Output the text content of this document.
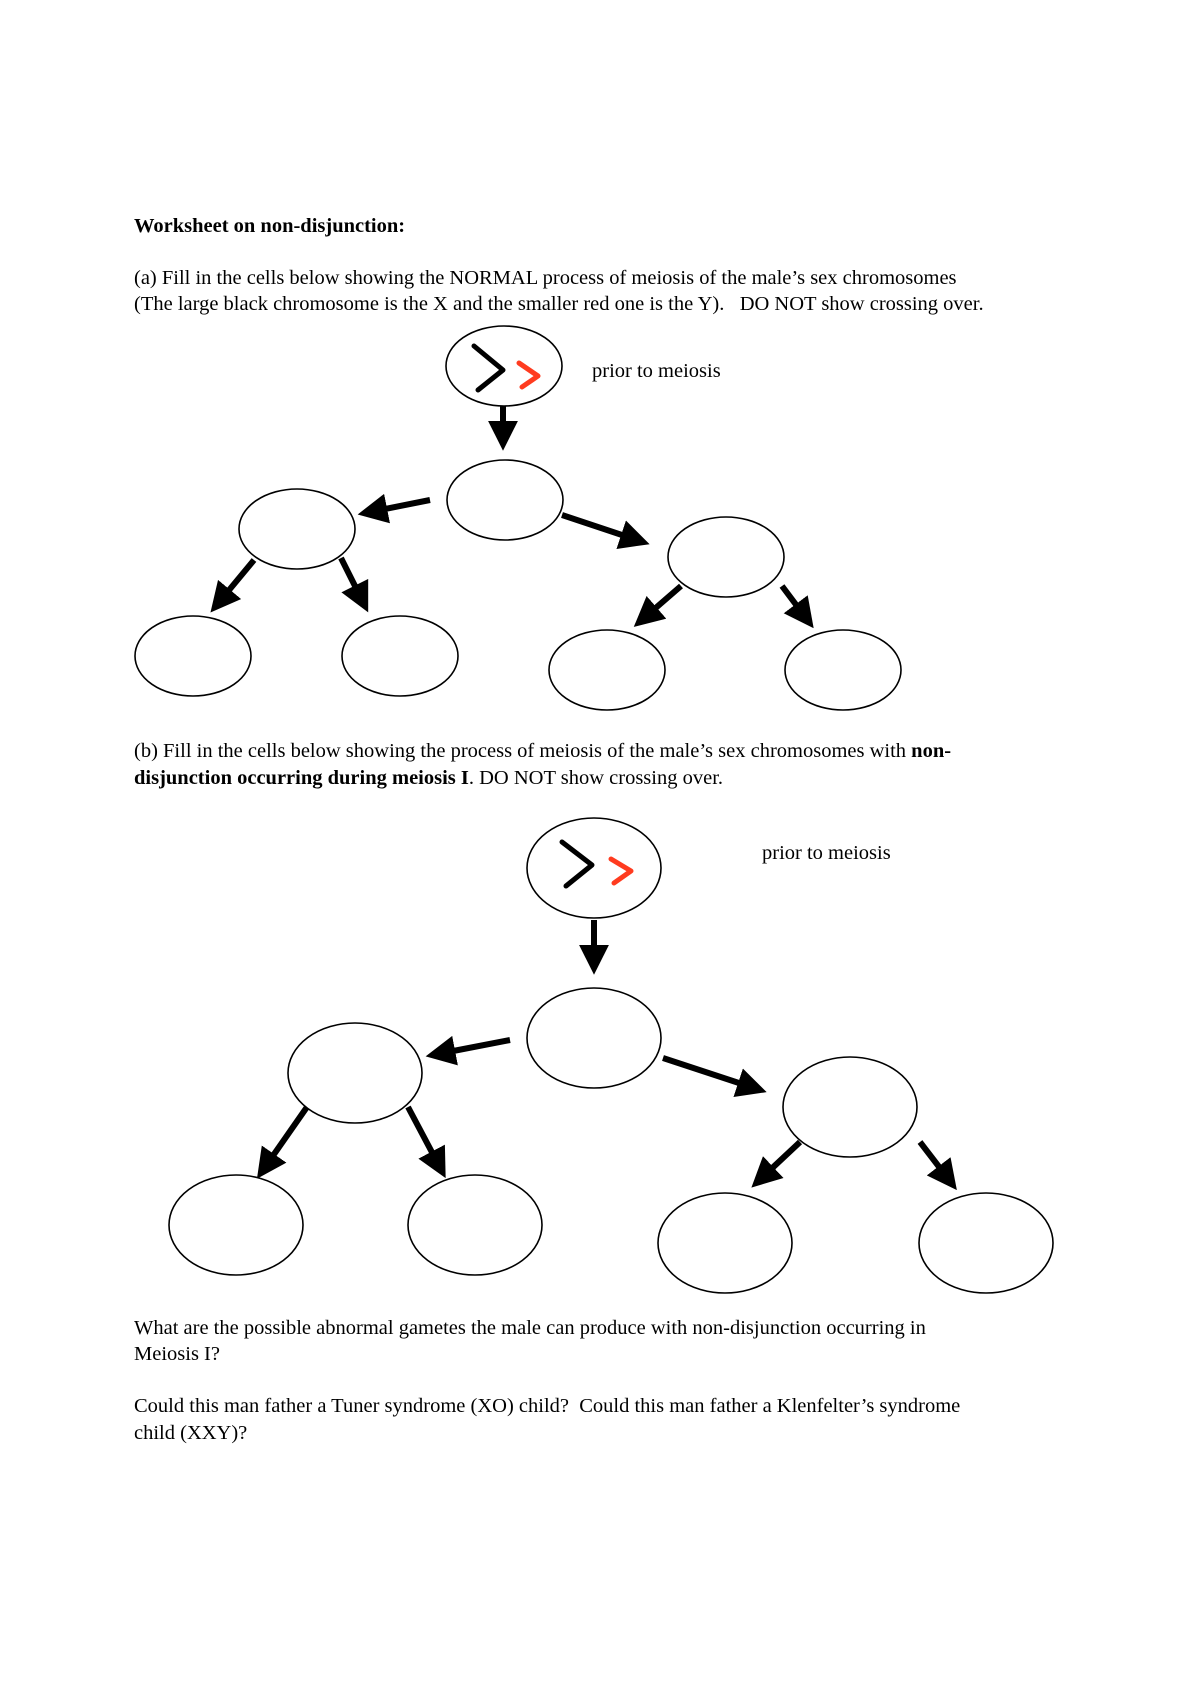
Worksheet on non-disjunction:
(a) Fill in the cells below showing the NORMAL process of meiosis of the male’s sex chromosomes
(The large black chromosome is the X and the smaller red one is the Y).   DO NOT show crossing over.
prior to meiosis
(b) Fill in the cells below showing the process of meiosis of the male’s sex chromosomes with non-
disjunction occurring during meiosis I. DO NOT show crossing over.
prior to meiosis
What are the possible abnormal gametes the male can produce with non-disjunction occurring in
Meiosis I?
Could this man father a Tuner syndrome (XO) child?  Could this man father a Klenfelter’s syndrome
child (XXY)?
